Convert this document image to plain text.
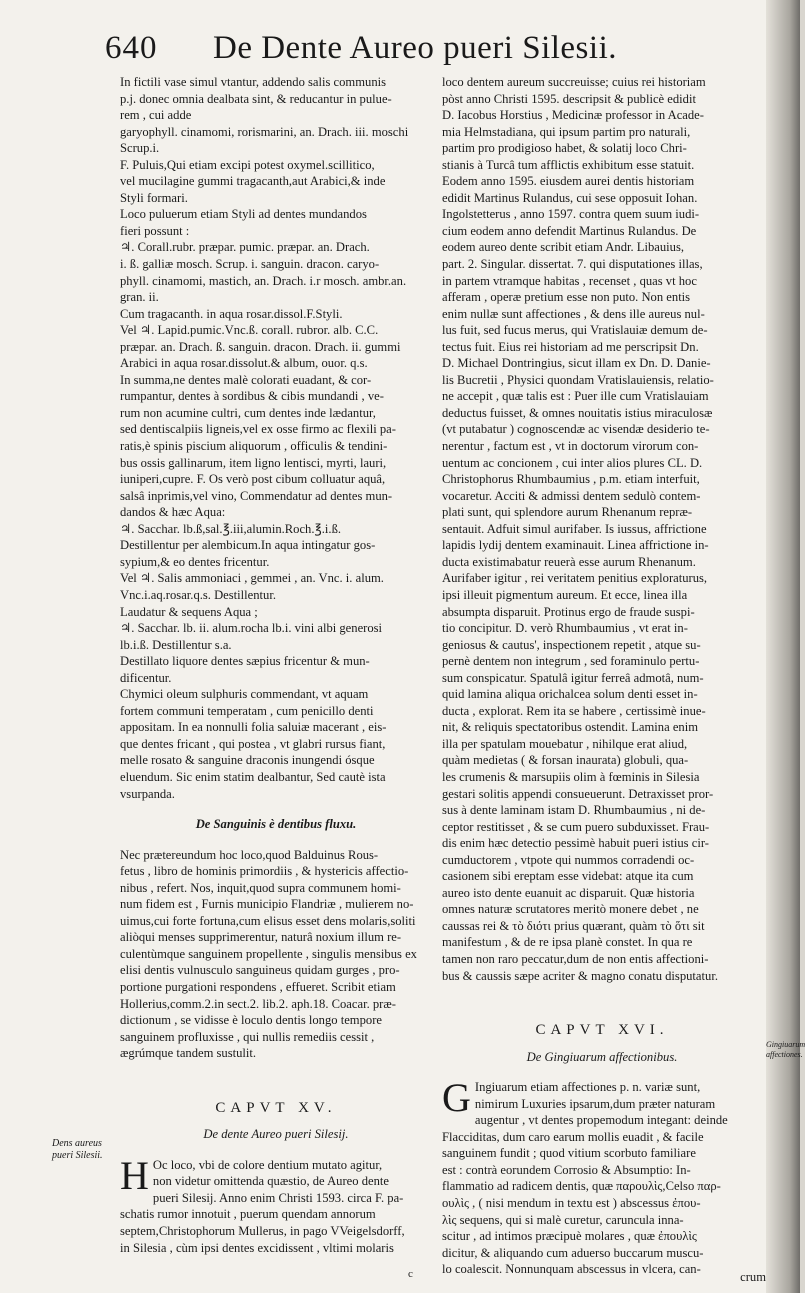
640 De Dente Aureo pueri Silesii.
In fictili vase simul vtantur, addendo salis communis
p.j. donec omnia dealbata sint, & reducantur in puluе-
rem , cui adde
garyophyll. cinamomi, rorismarini, an. Drach. iii. moschi
Scrup.i.
F. Puluis,Qui etiam excipi potest oxymel.scillitico,
vel mucilagine gummi tragacanth,aut Arabici,& inde
Styli formari.
Loco puluerum etiam Styli ad dentes mundandos
fieri possunt :
♃. Corall.rubr. præpar. pumic. præpar. an. Drach.
i. ß. galliæ mosch. Scrup. i. sanguin. dracon. caryo-
phyll. cinamomi, mastich, an. Drach. i.r mosch. ambr.an.
gran. ii.
Cum tragacanth. in aqua rosar.dissol.F.Styli.
Vel ♃. Lapid.pumic.Vnc.ß. corall. rubror. alb. C.C.
præpar. an. Drach. ß. sanguin. dracon. Drach. ii. gummi
Arabici in aqua rosar.dissolut.& album, ouor. q.s.
In summa,ne dentes malè colorati euadant, & cor-
rumpantur, dentes à sordibus & cibis mundandi , ve-
rum non acumine cultri, cum dentes inde lædantur,
sed dentiscalpiis ligneis,vel ex osse firmo ac flexili pa-
ratis,è spinis piscium aliquorum , officulis & tendini-
bus ossis gallinarum, item ligno lentisci, myrti, lauri,
iuniperi,cupre. F. Os verò post cibum colluatur aquâ,
salsâ inprimis,vel vino, Commendatur ad dentes mun-
dandos & hæc Aqua:
♃. Sacchar. lb.ß,sal.℥.iii,alumin.Roch.℥.i.ß.
Destillentur per alembicum.In aqua intingatur gos-
sypium,& eo dentes fricentur.
Vel ♃. Salis ammoniaci , gemmei , an. Vnc. i. alum.
Vnc.i.aq.rosar.q.s. Destillentur.
Laudatur & sequens Aqua ;
♃. Sacchar. lb. ii. alum.rocha lb.i. vini albi generosi
lb.i.ß. Destillentur s.a.
Destillato liquore dentes sæpius fricentur & mun-
dificentur.
Chymici oleum sulphuris commendant, vt aquam
fortem communi temperatam , cum penicillo denti
appositam. In ea nonnulli folia saluiæ macerant , eis-
que dentes fricant , qui postea , vt glabri rursus fiant,
melle rosato & sanguine draconis inungendi ósque
eluendum. Sic enim statim dealbantur, Sed cautè ista
vsurpanda.
De Sanguinis è dentibus fluxu.
Nec prætereundum hoc loco,quod Balduinus Rous-
fetus , libro de hominis primordiis , & hystericis affectio-
nibus , refert. Nos, inquit,quod supra communem homi-
num fidem est , Furnis municipio Flandriæ , mulierem no-
uimus,cui forte fortuna,cum elisus esset dens molaris,soliti
aliòqui menses supprimerentur, naturâ noxium illum re-
culentùmque sanguinem propellente , singulis mensibus ex
elisi dentis vulnusculo sanguineus quidam gurges , pro-
portione purgationi respondens , effueret. Scribit etiam
Hollerius,comm.2.in sect.2. lib.2. aph.18. Coacar. præ-
dictionum , se vidisse è loculo dentis longo tempore
sanguinem profluxisse , qui nullis remediis cessit ,
ægrúmque tandem sustulit.
CAPVT XV.
De dente Aureo pueri Silesij.
H Oc loco, vbi de colore dentium mutato agitur,
non videtur omittenda quæstio, de Aureo dente
pueri Silesij. Anno enim Christi 1593. circa F. pa-
schatis rumor innotuit , puerum quendam annorum
septem,Christophorum Mullerus, in pago VVeigelsdorff,
in Silesia , cùm ipsi dentes excidissent , vltimi molaris
Dens aureus pueri Silesii.
loco dentem aureum succreuisse; cuius rei historiam
pòst anno Christi 1595. descripsit & publicè edidit
D. Iacobus Horstius , Medicinæ professor in Acade-
mia Helmstadiana, qui ipsum partim pro naturali,
partim pro prodigioso habet, & solatij loco Chri-
stianis à Turcâ tum afflictis exhibitum esse statuit.
Eodem anno 1595. eiusdem aurei dentis historiam
edidit Martinus Rulandus, cui sese opposuit Iohan.
Ingolstetterus , anno 1597. contra quem suum iudi-
cium eodem anno defendit Martinus Rulandus. De
eodem aureo dente scribit etiam Andr. Libauius,
part. 2. Singular. dissertat. 7. qui disputationes illas,
in partem vtramque habitas , recenset , quas vt hoc
afferam , operæ pretium esse non puto. Non entis
enim nullæ sunt affectiones , & dens ille aureus nul-
lus fuit, sed fucus merus, qui Vratislauiæ demum de-
tectus fuit. Eius rei historiam ad me perscripsit Dn.
D. Michael Dontringius, sicut illam ex Dn. D. Danie-
lis Bucretii , Physici quondam Vratislauiensis, relatio-
ne accepit , quæ talis est : Puer ille cum Vratislauiam
deductus fuisset, & omnes nouitatis istius miraculosæ
(vt putabatur ) cognoscendæ ac visendæ desiderio te-
nerentur , factum est , vt in doctorum virorum con-
uentum ac concionem , cui inter alios plures CL. D.
Christophorus Rhumbaumius , p.m. etiam interfuit,
vocaretur. Acciti & admissi dentem sedulò contem-
plati sunt, qui splendore aurum Rhenanum repræ-
sentauit. Adfuit simul aurifaber. Is iussus, affrictione
lapidis lydij dentem examinauit. Linea affrictione in-
ducta existimabatur reuerà esse aurum Rhenanum.
Aurifaber igitur , rei veritatem penitius exploraturus,
ipsi illeuit pigmentum aureum. Et ecce, linea illa
absumpta disparuit. Protinus ergo de fraude suspi-
tio concipitur. D. verò Rhumbaumius , vt erat in-
geniosus & cautus', inspectionem repetit , atque su-
pernè dentem non integrum , sed foraminulo pertu-
sum conspicatur. Spatulâ igitur ferreâ admotâ, num-
quid lamina aliqua orichalcea solum denti esset in-
ducta , explorat. Rem ita se habere , certissimè inue-
nit, & reliquis spectatoribus ostendit. Lamina enim
illa per spatulam mouebatur , nihilque erat aliud,
quàm medietas ( & forsan inaurata) globuli, qua-
les crumenis & marsupiis olim à fœminis in Silesia
gestari solitis appendi consueuerunt. Detraxisset pror-
sus à dente laminam istam D. Rhumbaumius , ni de-
ceptor restitisset , & se cum puero subduxisset. Frau-
dis enim hæc detectio pessimè habuit pueri istius cir-
cumductorem , vtpote qui nummos corradendi oc-
casionem sibi ereptam esse videbat: atque ita cum
aureo isto dente euanuit ac disparuit. Quæ historia
omnes naturæ scrutatores meritò monere debet , ne
caussas rei & τὸ διότι prius quærant, quàm τὸ ὅτι sit
manifestum , & de re ipsa planè constet. In qua re
tamen non raro peccatur,dum de non entis affectioni-
bus & caussis sæpe acriter & magno conatu disputatur.
CAPVT XVI.
De Gingiuarum affectionibus.
G Ingiuarum etiam affectiones p. n. variæ sunt,
nimirum Luxuries ipsarum,dum præter naturam
augentur , vt dentes propemodum integant: deinde
Flacciditas, dum caro earum mollis euadit , & facile
sanguinem fundit ; quod vitium scorbuto familiare
est : contrà eorundem Corrosio & Absumptio: In-
flammatio ad radicem dentis, quæ παρουλὶς,Celso παρ-
ουλὶς , ( nisi mendum in textu est ) abscessus ἐπου-
λὶς sequens, qui si malè curetur, caruncula inna-
scitur , ad intimos præcipuè molares , quæ ἐπουλὶς
dicitur, & aliquando cum aduerso buccarum muscu-
lo coalescit. Nonnunquam abscessus in vlcera, can-
Gingiuarum affectiones.
c	crum
